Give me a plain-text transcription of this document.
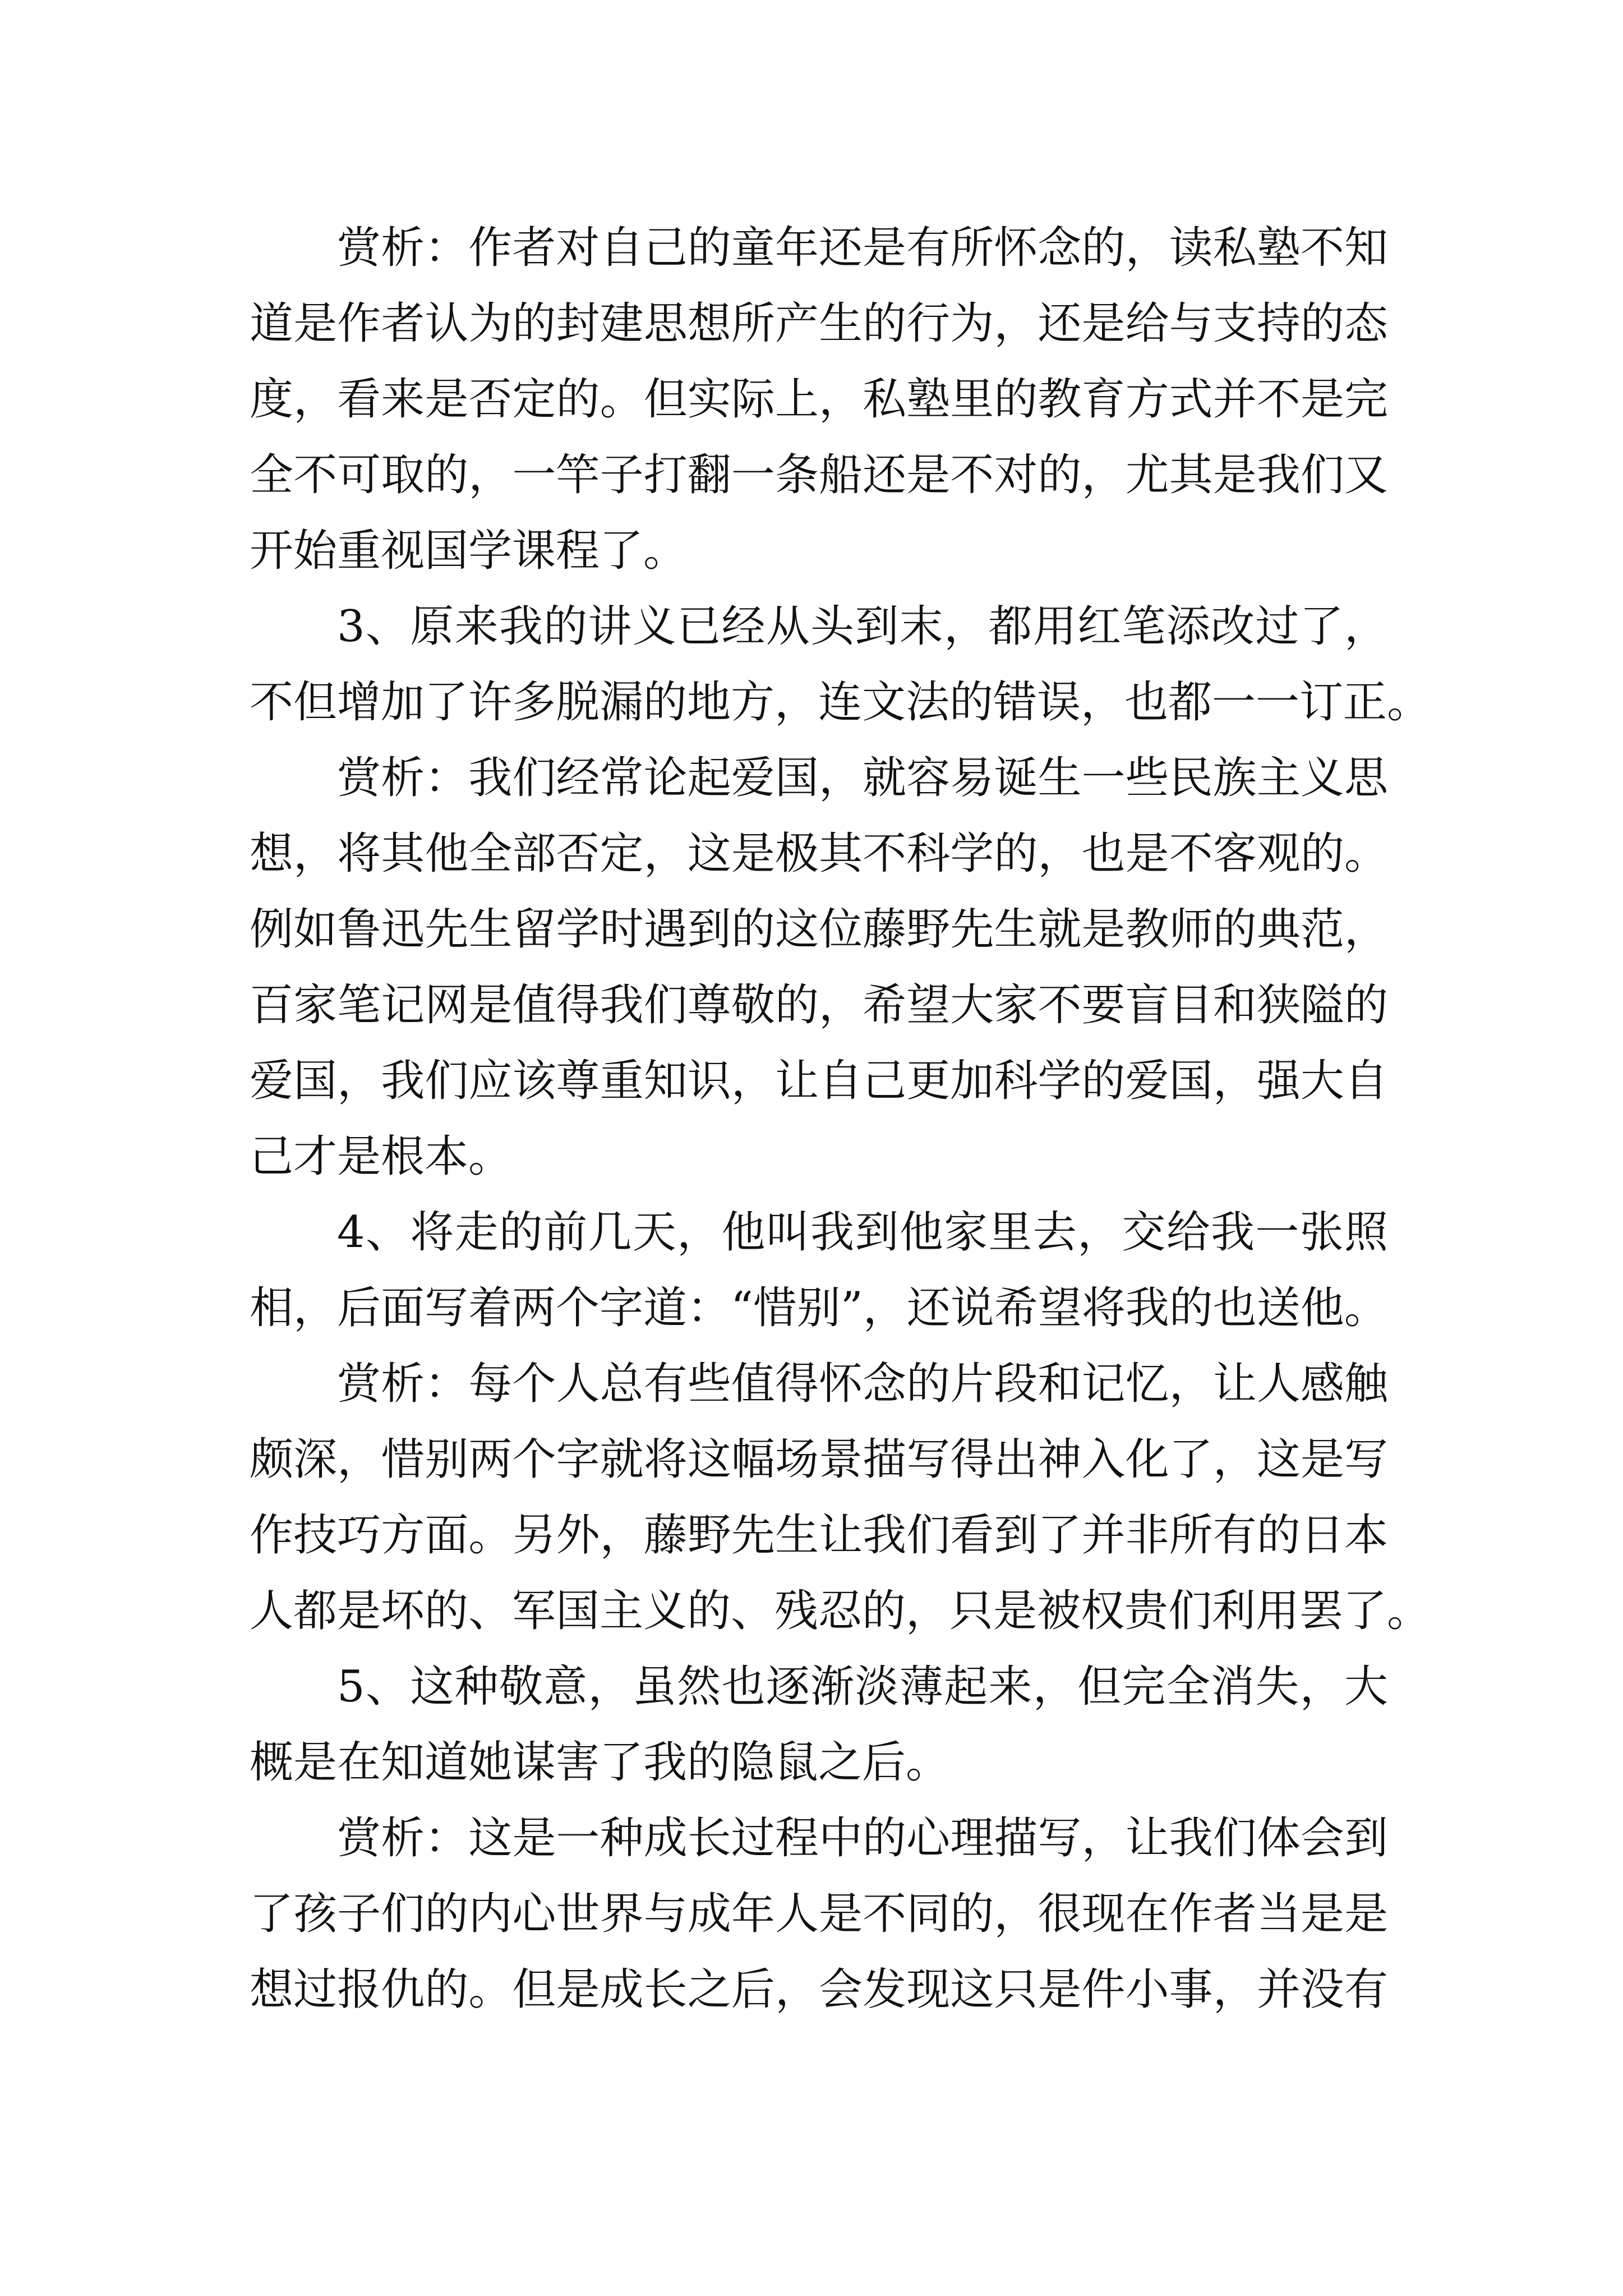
赏析：作者对自己的童年还是有所怀念的，读私塾不知
道是作者认为的封建思想所产生的行为，还是给与支持的态
度，看来是否定的。但实际上，私塾里的教育方式并不是完
全不可取的，一竿子打翻一条船还是不对的，尤其是我们又
开始重视国学课程了。
3、原来我的讲义已经从头到末，都用红笔添改过了，
不但增加了许多脱漏的地方，连文法的错误，也都一一订正。
赏析：我们经常论起爱国，就容易诞生一些民族主义思
想，将其他全部否定，这是极其不科学的，也是不客观的。
例如鲁迅先生留学时遇到的这位藤野先生就是教师的典范，
百家笔记网是值得我们尊敬的，希望大家不要盲目和狭隘的
爱国，我们应该尊重知识，让自己更加科学的爱国，强大自
己才是根本。
4、将走的前几天，他叫我到他家里去，交给我一张照
相，后面写着两个字道：“惜别”，还说希望将我的也送他。
赏析：每个人总有些值得怀念的片段和记忆，让人感触
颇深，惜别两个字就将这幅场景描写得出神入化了，这是写
作技巧方面。另外，藤野先生让我们看到了并非所有的日本
人都是坏的、军国主义的、残忍的，只是被权贵们利用罢了。
5、这种敬意，虽然也逐渐淡薄起来，但完全消失，大
概是在知道她谋害了我的隐鼠之后。
赏析：这是一种成长过程中的心理描写，让我们体会到
了孩子们的内心世界与成年人是不同的，很现在作者当是是
想过报仇的。但是成长之后，会发现这只是件小事，并没有
